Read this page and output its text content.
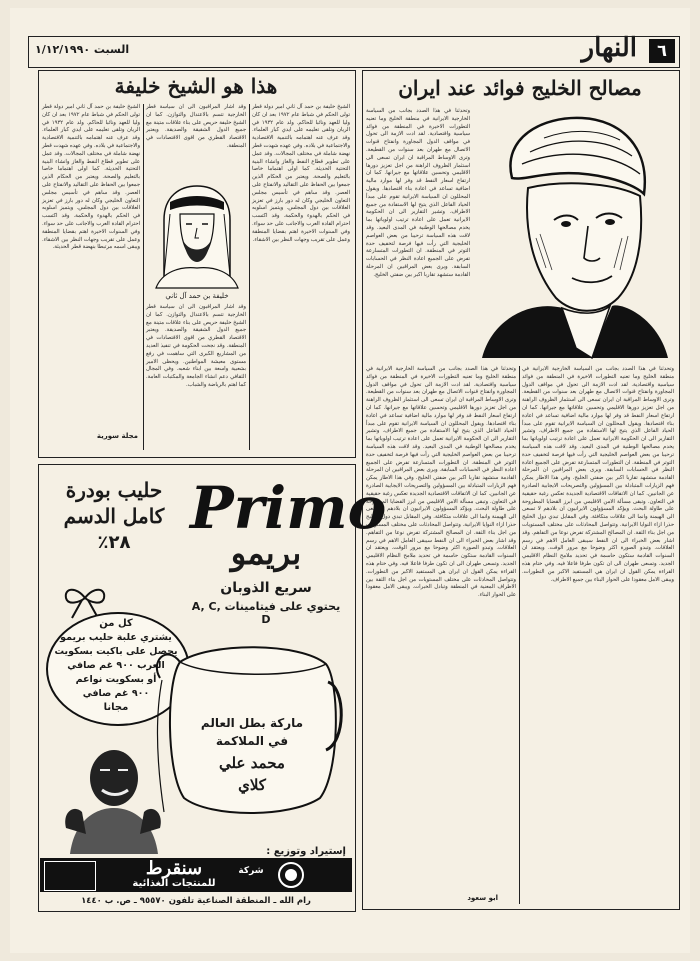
السبت ١/١٢/١٩٩٠	النهار	٦
مصالح الخليج فوائد عند ايران
وتحدثنا في هذا الصدد بجانب من السياسة الخارجية الايرانية في منطقة الخليج وما تعنيه التطورات الاخيرة في المنطقة من فوائد سياسية واقتصادية. لقد ادت الازمة الى تحول في مواقف الدول المجاورة وانفتاح قنوات الاتصال مع طهران بعد سنوات من القطيعة. وترى الاوساط المراقبة ان ايران تسعى الى استثمار الظروف الراهنة من اجل تعزيز دورها الاقليمي وتحسين علاقاتها مع جيرانها. كما ان ارتفاع اسعار النفط قد وفر لها موارد مالية اضافية تساعد في اعادة بناء اقتصادها. ويقول المحللون ان السياسة الايرانية تقوم على مبدأ الحياد الفاعل الذي يتيح لها الاستفادة من جميع الاطراف. وتشير التقارير الى ان الحكومة الايرانية تعمل على اعادة ترتيب اولوياتها بما يخدم مصالحها الوطنية في المدى البعيد. وقد لاقت هذه السياسة ترحيبا من بعض العواصم الخليجية التي رأت فيها فرصة لتخفيف حدة التوتر في المنطقة. ان التطورات المتسارعة تفرض على الجميع اعادة النظر في الحسابات السابقة. ويرى بعض المراقبين ان المرحلة القادمة ستشهد تقاربا اكبر بين ضفتي الخليج.
وتحدثنا في هذا الصدد بجانب من السياسة الخارجية الايرانية في منطقة الخليج وما تعنيه التطورات الاخيرة في المنطقة من فوائد سياسية واقتصادية. لقد ادت الازمة الى تحول في مواقف الدول المجاورة وانفتاح قنوات الاتصال مع طهران بعد سنوات من القطيعة. وترى الاوساط المراقبة ان ايران تسعى الى استثمار الظروف الراهنة من اجل تعزيز دورها الاقليمي وتحسين علاقاتها مع جيرانها. كما ان ارتفاع اسعار النفط قد وفر لها موارد مالية اضافية تساعد في اعادة بناء اقتصادها. ويقول المحللون ان السياسة الايرانية تقوم على مبدأ الحياد الفاعل الذي يتيح لها الاستفادة من جميع الاطراف. وتشير التقارير الى ان الحكومة الايرانية تعمل على اعادة ترتيب اولوياتها بما يخدم مصالحها الوطنية في المدى البعيد. وقد لاقت هذه السياسة ترحيبا من بعض العواصم الخليجية التي رأت فيها فرصة لتخفيف حدة التوتر في المنطقة. ان التطورات المتسارعة تفرض على الجميع اعادة النظر في الحسابات السابقة. ويرى بعض المراقبين ان المرحلة القادمة ستشهد تقاربا اكبر بين ضفتي الخليج. وفي هذا الاطار يمكن فهم الزيارات المتبادلة بين المسؤولين والتصريحات الايجابية الصادرة عن الجانبين. كما ان الاتفاقات الاقتصادية الجديدة تعكس رغبة حقيقية في التعاون. وتبقى مسألة الامن الاقليمي من ابرز القضايا المطروحة على طاولة البحث. ويؤكد المسؤولون الايرانيون ان بلادهم لا تسعى الى الهيمنة وانما الى علاقات متكافئة. وفي المقابل تبدي دول الخليج حذرا ازاء النوايا الايرانية. وتتواصل المحادثات على مختلف المستويات من اجل بناء الثقة. ان المصالح المشتركة تفرض نوعا من التفاهم. وقد اشار بعض الخبراء الى ان النفط سيبقى العامل الاهم في رسم العلاقات. وتبدو الصورة اكثر وضوحا مع مرور الوقت. ويعتقد ان السنوات القادمة ستكون حاسمة في تحديد ملامح النظام الاقليمي الجديد. وتسعى طهران الى ان تكون طرفا فاعلا فيه. وفي ختام هذه القراءة يمكن القول ان ايران هي المستفيد الاكبر من التطورات. وتتواصل المحادثات على مختلف المستويات من اجل بناء الثقة بين الاطراف المعنية في المنطقة وتبادل الخبرات. ويبقى الامل معقودا على الحوار البناء.
وتحدثنا في هذا الصدد بجانب من السياسة الخارجية الايرانية في منطقة الخليج وما تعنيه التطورات الاخيرة في المنطقة من فوائد سياسية واقتصادية. لقد ادت الازمة الى تحول في مواقف الدول المجاورة وانفتاح قنوات الاتصال مع طهران بعد سنوات من القطيعة. وترى الاوساط المراقبة ان ايران تسعى الى استثمار الظروف الراهنة من اجل تعزيز دورها الاقليمي وتحسين علاقاتها مع جيرانها. كما ان ارتفاع اسعار النفط قد وفر لها موارد مالية اضافية تساعد في اعادة بناء اقتصادها. ويقول المحللون ان السياسة الايرانية تقوم على مبدأ الحياد الفاعل الذي يتيح لها الاستفادة من جميع الاطراف. وتشير التقارير الى ان الحكومة الايرانية تعمل على اعادة ترتيب اولوياتها بما يخدم مصالحها الوطنية في المدى البعيد. وقد لاقت هذه السياسة ترحيبا من بعض العواصم الخليجية التي رأت فيها فرصة لتخفيف حدة التوتر في المنطقة. ان التطورات المتسارعة تفرض على الجميع اعادة النظر في الحسابات السابقة. ويرى بعض المراقبين ان المرحلة القادمة ستشهد تقاربا اكبر بين ضفتي الخليج. وفي هذا الاطار يمكن فهم الزيارات المتبادلة بين المسؤولين والتصريحات الايجابية الصادرة عن الجانبين. كما ان الاتفاقات الاقتصادية الجديدة تعكس رغبة حقيقية في التعاون. وتبقى مسألة الامن الاقليمي من ابرز القضايا المطروحة على طاولة البحث. ويؤكد المسؤولون الايرانيون ان بلادهم لا تسعى الى الهيمنة وانما الى علاقات متكافئة. وفي المقابل تبدي دول الخليج حذرا ازاء النوايا الايرانية. وتتواصل المحادثات على مختلف المستويات من اجل بناء الثقة. ان المصالح المشتركة تفرض نوعا من التفاهم. وقد اشار بعض الخبراء الى ان النفط سيبقى العامل الاهم في رسم العلاقات. وتبدو الصورة اكثر وضوحا مع مرور الوقت. ويعتقد ان السنوات القادمة ستكون حاسمة في تحديد ملامح النظام الاقليمي الجديد. وتسعى طهران الى ان تكون طرفا فاعلا فيه. وفي ختام هذه القراءة يمكن القول ان ايران هي المستفيد الاكبر من التطورات. ويبقى الامل معقودا على الحوار البناء بين جميع الاطراف.
ابو سعود
هذا هو الشيخ خليفة
الشيخ خليفة بن حمد آل ثاني امير دولة قطر تولى الحكم في شباط عام ١٩٧٢ بعد ان كان وليا للعهد ونائبا للحاكم. ولد عام ١٩٣٢ في الريان وتلقى تعليمه على ايدي كبار العلماء. وقد عرف عنه اهتمامه بالتنمية الاقتصادية والاجتماعية في بلاده. وفي عهده شهدت قطر نهضة شاملة في مختلف المجالات. وقد عمل على تطوير قطاع النفط والغاز وانشاء البنية التحتية الحديثة. كما اولى اهتماما خاصا بالتعليم والصحة. ويعتبر من الحكام الذين جمعوا بين الحفاظ على التقاليد والانفتاح على العصر. وقد ساهم في تأسيس مجلس التعاون الخليجي وكان له دور بارز في تعزيز العلاقات بين دول المجلس. ويتميز اسلوبه في الحكم بالهدوء والحكمة. وقد اكتسب احترام القادة العرب والاجانب على حد سواء. وفي السنوات الاخيرة اهتم بقضايا المنطقة وعمل على تقريب وجهات النظر بين الاشقاء.
وقد اشار المراقبون الى ان سياسة قطر الخارجية تتسم بالاعتدال والتوازن. كما ان الشيخ خليفة حريص على بناء علاقات متينة مع جميع الدول الشقيقة والصديقة. ويعتبر الاقتصاد القطري من اقوى الاقتصادات في المنطقة.
خليفة بن حمد آل ثاني
وقد اشار المراقبون الى ان سياسة قطر الخارجية تتسم بالاعتدال والتوازن. كما ان الشيخ خليفة حريص على بناء علاقات متينة مع جميع الدول الشقيقة والصديقة. ويعتبر الاقتصاد القطري من اقوى الاقتصادات في المنطقة. وقد نجحت الحكومة في تنفيذ العديد من المشاريع الكبرى التي ساهمت في رفع مستوى معيشة المواطنين. ويحظى الامير بشعبية واسعة بين ابناء شعبه. وفي المجال الثقافي دعم انشاء الجامعة والمكتبات العامة. كما اهتم بالرياضة والشباب.
الشيخ خليفة بن حمد آل ثاني امير دولة قطر تولى الحكم في شباط عام ١٩٧٢ بعد ان كان وليا للعهد ونائبا للحاكم. ولد عام ١٩٣٢ في الريان وتلقى تعليمه على ايدي كبار العلماء. وقد عرف عنه اهتمامه بالتنمية الاقتصادية والاجتماعية في بلاده. وفي عهده شهدت قطر نهضة شاملة في مختلف المجالات. وقد عمل على تطوير قطاع النفط والغاز وانشاء البنية التحتية الحديثة. كما اولى اهتماما خاصا بالتعليم والصحة. ويعتبر من الحكام الذين جمعوا بين الحفاظ على التقاليد والانفتاح على العصر. وقد ساهم في تأسيس مجلس التعاون الخليجي وكان له دور بارز في تعزيز العلاقات بين دول المجلس. ويتميز اسلوبه في الحكم بالهدوء والحكمة. وقد اكتسب احترام القادة العرب والاجانب على حد سواء. وفي السنوات الاخيرة اهتم بقضايا المنطقة وعمل على تقريب وجهات النظر بين الاشقاء. ويبقى اسمه مرتبطا بنهضة قطر الحديثة.
مجلة سورية
Primo
بريمو
سريع الذوبان
يحتوي على فيتامينات A, C, D
حليب بودرة
كامل الدسم
٢٨٪
كل من
يشتري علبة حليب بريمو
يحصل على باكيت بسكويت
العرب ٩٠٠ غم صافي
أو بسكويت نواعم
٩٠٠ غم صافي
مجانا
ماركة بطل العالم
في الملاكمة
محمد علي
كلاي
إستيراد وتوزيع :
سنقرط
للمنتجات الغذائية
شركة
رام الله ـ المنطقة الصناعية تلفون ٩٥٥٧٠ ـ ص. ب ١٤٤٠
